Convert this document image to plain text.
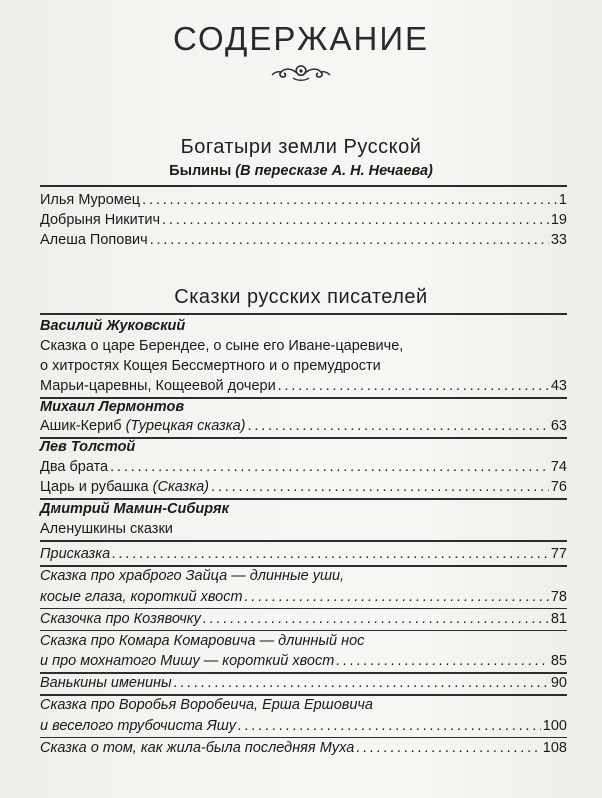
СОДЕРЖАНИЕ
Богатыри земли Русской
Былины (В пересказе А. Н. Нечаева)
Илья Муромец . . .	1
Добрыня Никитич . . .	19
Алеша Попович . . .	33
Сказки русских писателей
Василий Жуковский
Сказка о царе Берендее, о сыне его Иване-царевиче,
о хитростях Кощея Бессмертного и о премудрости
Марьи-царевны, Кощеевой дочери . . .	43
Михаил Лермонтов
Ашик-Кериб (Турецкая сказка) . . .	63
Лев Толстой
Два брата . . .	74
Царь и рубашка (Сказка) . . .	76
Дмитрий Мамин-Сибиряк
Аленушкины сказки
Присказка . . .	77
Сказка про храброго Зайца — длинные уши,
косые глаза, короткий хвост . . .	78
Сказочка про Козявочку . . .	81
Сказка про Комара Комаровича — длинный нос
и про мохнатого Мишу — короткий хвост . . .	85
Ванькины именины . . .	90
Сказка про Воробья Воробеича, Ерша Ершовича
и веселого трубочиста Яшу . . .	100
Сказка о том, как жила-была последняя Муха . . .	108
